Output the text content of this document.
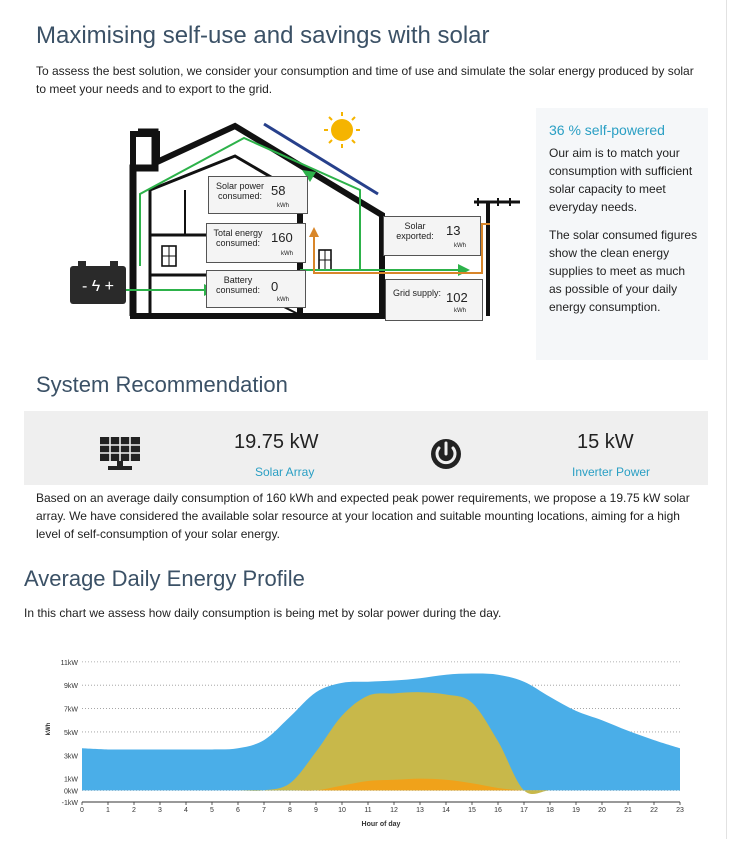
Maximising self-use and savings with solar
To assess the best solution, we consider your consumption and time of use and simulate the solar energy produced by solar to meet your needs and to export to the grid.
- ϟ +
Solar power consumed: 58
kWh
Total energy consumed: 160
kWh
Battery consumed: 0
kWh
Solar exported: 13
kWh
Grid supply: 102
kWh
36 % self-powered

Our aim is to match your consumption with sufficient solar capacity to meet everyday needs.

The solar consumed figures show the clean energy supplies to meet as much as possible of your daily energy consumption.

System Recommendation
19.75 kW
Solar Array
15 kW
Inverter Power
Based on an average daily consumption of 160 kWh and expected peak power requirements, we propose a 19.75 kW solar array. We have considered the available solar resource at your location and suitable mounting locations, aiming for a high level of self-consumption of your solar energy.
Average Daily Energy Profile
In this chart we assess how daily consumption is being met by solar power during the day.
11kW
9kW
7kW
5kW
3kW
1kW
0kW
-1kW
0	1	2	3	4	5	6	7	8	9	10	11	12	13	14	15	16	17	18	19	20	21	22	23
Hour of day
kWh
